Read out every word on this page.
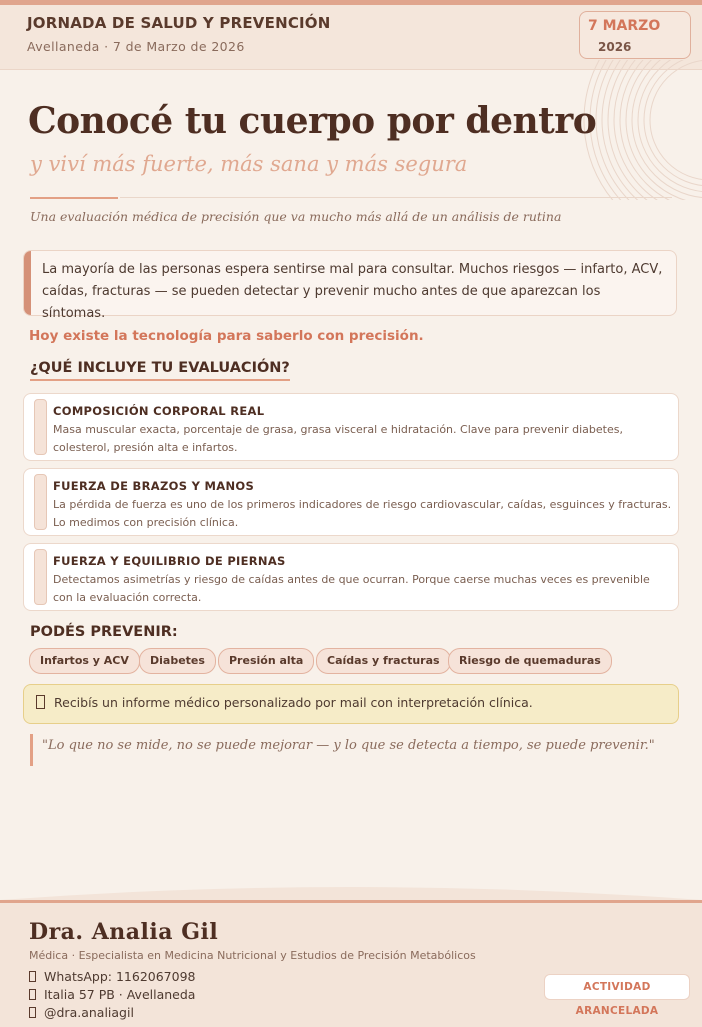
JORNADA DE SALUD Y PREVENCIÓN
Avellaneda · 7 de Marzo de 2026
7 MARZO
2026
Conocé tu cuerpo por dentro
y viví más fuerte, más sana y más segura
Una evaluación médica de precisión que va mucho más allá de un análisis de rutina
La mayoría de las personas espera sentirse mal para consultar. Muchos riesgos — infarto, ACV, caídas, fracturas — se pueden detectar y prevenir mucho antes de que aparezcan los síntomas.
Hoy existe la tecnología para saberlo con precisión.
¿QUÉ INCLUYE TU EVALUACIÓN?
COMPOSICIÓN CORPORAL REAL
Masa muscular exacta, porcentaje de grasa, grasa visceral e hidratación. Clave para prevenir diabetes, colesterol, presión alta e infartos.
FUERZA DE BRAZOS Y MANOS
La pérdida de fuerza es uno de los primeros indicadores de riesgo cardiovascular, caídas, esguinces y fracturas. Lo medimos con precisión clínica.
FUERZA Y EQUILIBRIO DE PIERNAS
Detectamos asimetrías y riesgo de caídas antes de que ocurran. Porque caerse muchas veces es prevenible con la evaluación correcta.
PODÉS PREVENIR:
Infartos y ACV	Diabetes	Presión alta	Caídas y fracturas	Riesgo de quemaduras
Recibís un informe médico personalizado por mail con interpretación clínica.
"Lo que no se mide, no se puede mejorar — y lo que se detecta a tiempo, se puede prevenir."
Dra. Analia Gil
Médica · Especialista en Medicina Nutricional y Estudios de Precisión Metabólicos
WhatsApp: 1162067098
Italia 57 PB · Avellaneda
@dra.analiagil
ACTIVIDAD ARANCELADA
